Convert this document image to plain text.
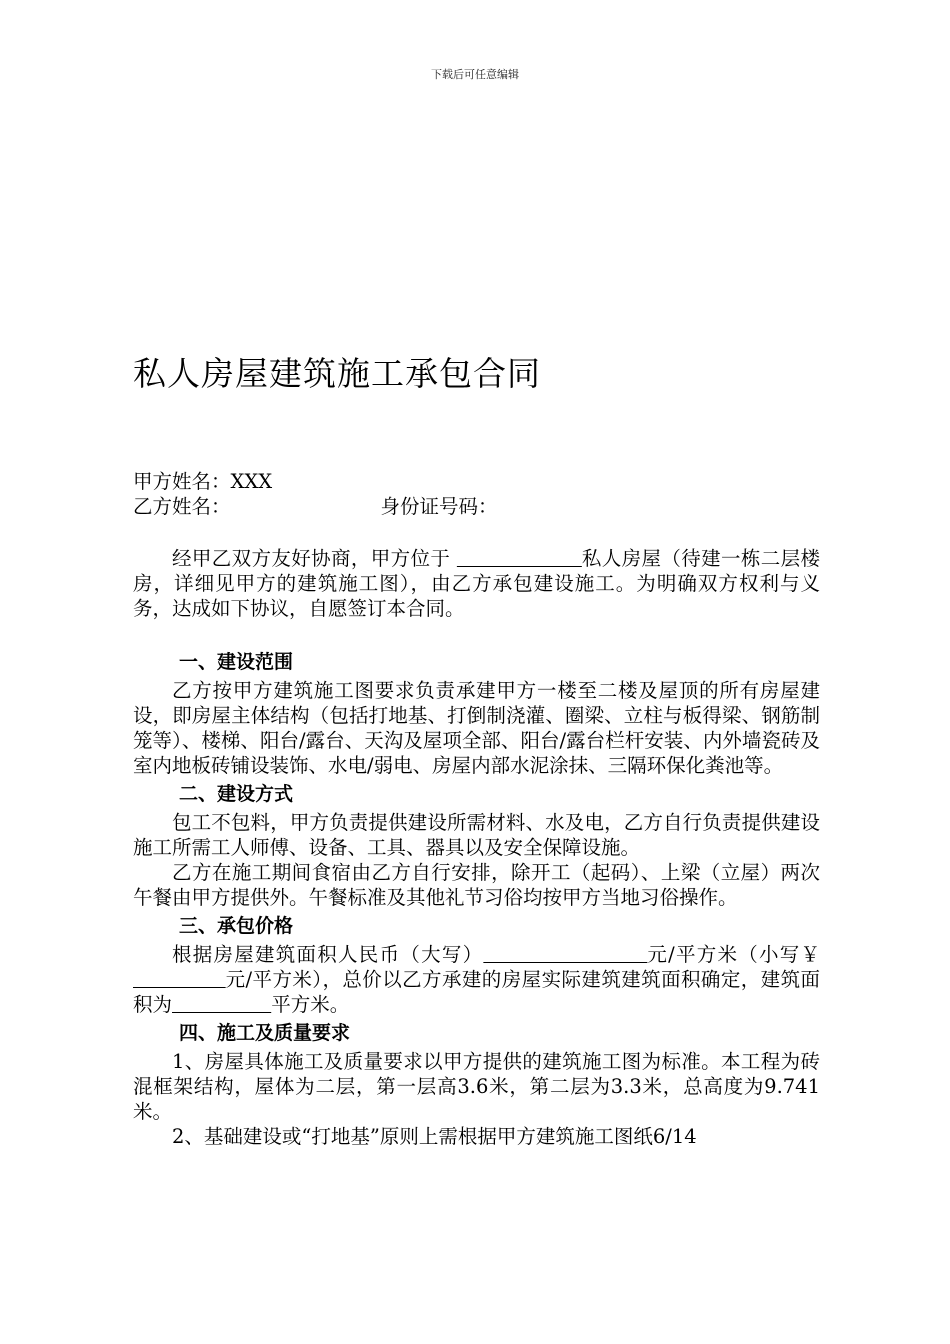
下载后可任意编辑
私人房屋建筑施工承包合同

甲方姓名：XXX

乙方姓名：	身份证号码：

经甲乙双方友好协商，甲方位于	私人房屋（待建一栋二层楼房，详细见甲方的建筑施工图），由乙方承包建设施工。为明确双方权利与义务，达成如下协议，自愿签订本合同。

一、建设范围

乙方按甲方建筑施工图要求负责承建甲方一楼至二楼及屋顶的所有房屋建设，即房屋主体结构（包括打地基、打倒制浇灌、圈梁、立柱与板得梁、钢筋制笼等）、楼梯、阳台/露台、天沟及屋项全部、阳台/露台栏杆安装、内外墙瓷砖及室内地板砖铺设装饰、水电/弱电、房屋内部水泥涂抹、三隔环保化粪池等。

二、建设方式

包工不包料，甲方负责提供建设所需材料、水及电，乙方自行负责提供建设施工所需工人师傅、设备、工具、器具以及安全保障设施。

乙方在施工期间食宿由乙方自行安排，除开工（起码）、上梁（立屋）两次午餐由甲方提供外。午餐标准及其他礼节习俗均按甲方当地习俗操作。

三、承包价格

根据房屋建筑面积人民币（大写）	元/平方米（小写￥              元/平方米），总价以乙方承建的房屋实际建筑建筑面积确定，建筑面积为	平方米。

四、施工及质量要求

1、房屋具体施工及质量要求以甲方提供的建筑施工图为标准。本工程为砖混框架结构，屋体为二层，第一层高3.6米，第二层为3.3米，总高度为9.741米。

2、基础建设或“打地基”原则上需根据甲方建筑施工图纸6/14
